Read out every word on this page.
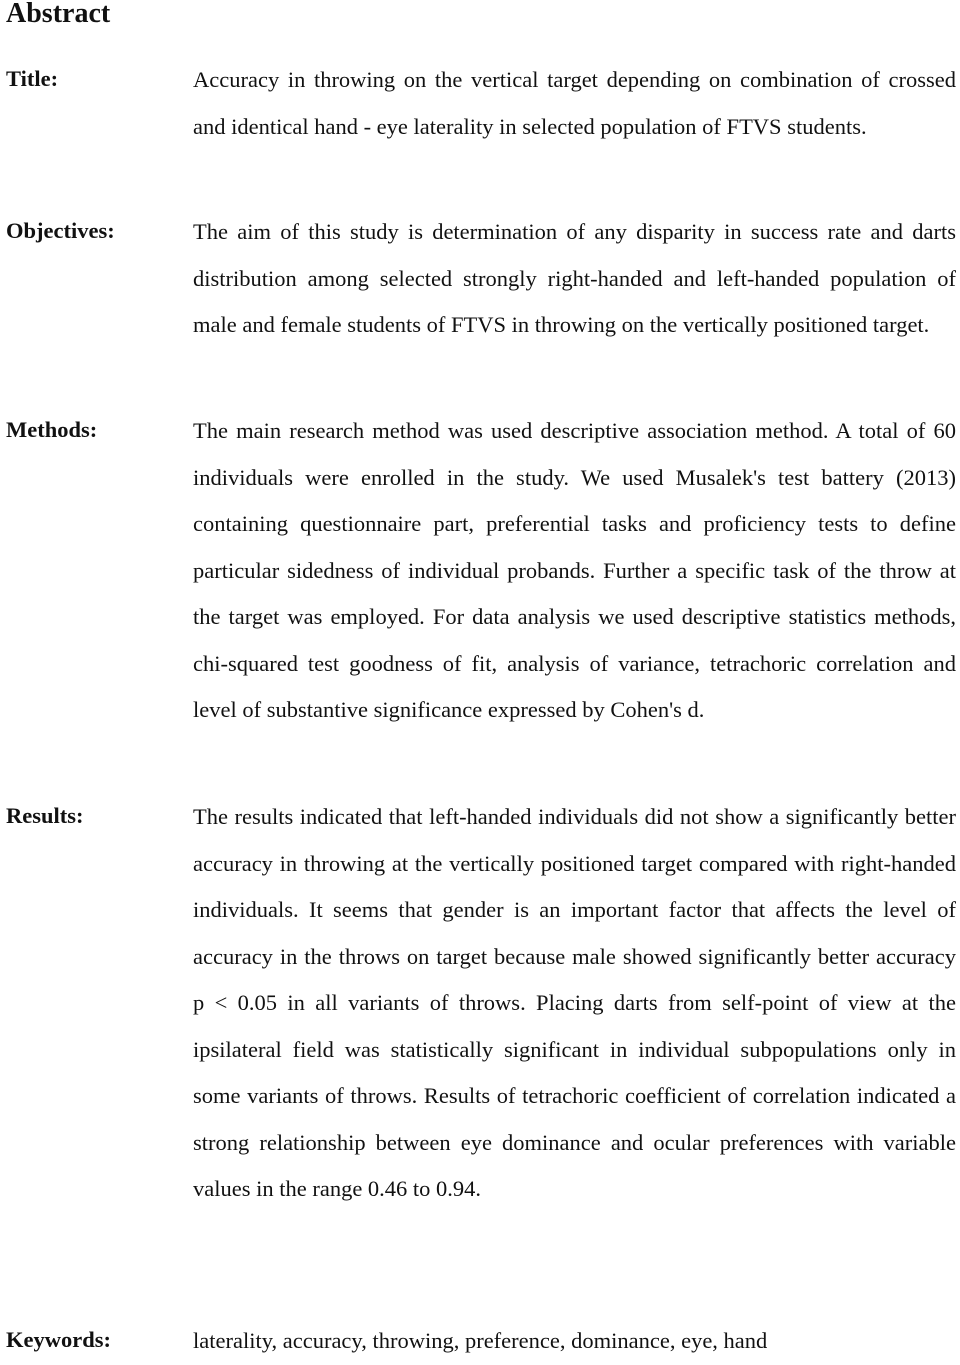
Abstract
Title:	Accuracy in throwing on the vertical target depending on combination of crossed and identical hand - eye laterality in selected population of FTVS students.

Objectives:	The aim of this study is determination of any disparity in success rate and darts distribution among selected strongly right-handed and left-handed population of male and female students of FTVS in throwing on the vertically positioned target.

Methods:	The main research method was used descriptive association method. A total of 60 individuals were enrolled in the study. We used Musalek's test battery (2013) containing questionnaire part, preferential tasks and proficiency tests to define particular sidedness of individual probands. Further a specific task of the throw at the target was employed. For data analysis we used descriptive statistics methods, chi-squared test goodness of fit, analysis of variance, tetrachoric correlation and level of substantive significance expressed by Cohen's d.

Results:	The results indicated that left-handed individuals did not show a significantly better accuracy in throwing at the vertically positioned target compared with right-handed individuals. It seems that gender is an important factor that affects the level of accuracy in the throws on target because male showed significantly better accuracy p < 0.05 in all variants of throws. Placing darts from self-point of view at the ipsilateral field was statistically significant in individual subpopulations only in some variants of throws. Results of tetrachoric coefficient of correlation indicated a strong relationship between eye dominance and ocular preferences with variable values in the range 0.46 to 0.94.

Keywords:	laterality, accuracy, throwing, preference, dominance, eye, hand
